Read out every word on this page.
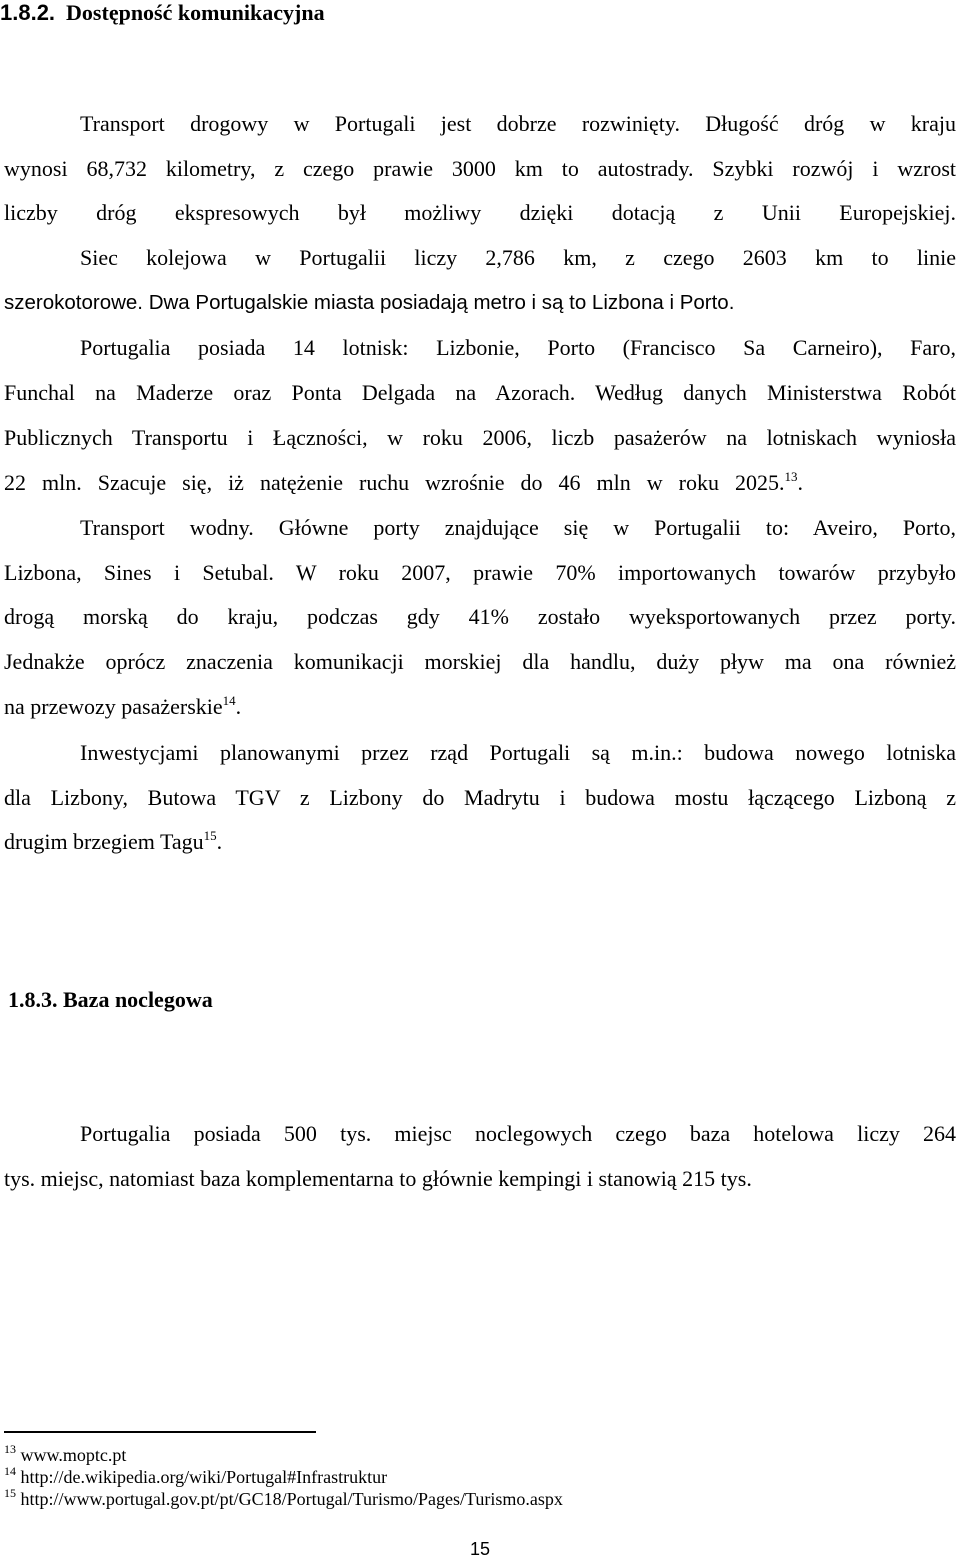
1.8.2. Dostępność komunikacyjna
Transport drogowy w Portugali jest dobrze rozwinięty. Długość dróg w kraju
wynosi 68,732 kilometry, z czego prawie 3000 km to autostrady. Szybki rozwój i wzrost
liczby dróg ekspresowych był możliwy dzięki dotacją z Unii Europejskiej.
Siec kolejowa w Portugalii liczy 2,786 km, z czego 2603 km to linie
szerokotorowe. Dwa Portugalskie miasta posiadają metro i są to Lizbona i Porto.
Portugalia posiada 14 lotnisk: Lizbonie, Porto (Francisco Sa Carneiro), Faro,
Funchal na Maderze oraz Ponta Delgada na Azorach. Według danych Ministerstwa Robót
Publicznych Transportu i Łączności, w roku 2006, liczb pasażerów na lotniskach wyniosła
22 mln. Szacuje się, iż natężenie ruchu wzrośnie do 46 mln w roku 2025.13.
Transport wodny. Główne porty znajdujące się w Portugalii to: Aveiro, Porto,
Lizbona, Sines i Setubal. W roku 2007, prawie 70% importowanych towarów przybyło
drogą morską do kraju, podczas gdy 41% zostało wyeksportowanych przez porty.
Jednakże oprócz znaczenia komunikacji morskiej dla handlu, duży pływ ma ona również
na przewozy pasażerskie$^{14}$.
Inwestycjami planowanymi przez rząd Portugali są m.in.: budowa nowego lotniska
dla Lizbony, Butowa TGV z Lizbony do Madrytu i budowa mostu łączącego Lizboną z
drugim brzegiem Tagu$^{15}$.
1.8.3. Baza noclegowa
Portugalia posiada 500 tys. miejsc noclegowych czego baza hotelowa liczy 264
tys. miejsc, natomiast baza komplementarna to głównie kempingi i stanowią 215 tys.
$^{13}$ www.moptc.pt
$^{14}$ http://de.wikipedia.org/wiki/Portugal#Infrastruktur
$^{15}$ http://www.portugal.gov.pt/pt/GC18/Portugal/Turismo/Pages/Turismo.aspx
15
